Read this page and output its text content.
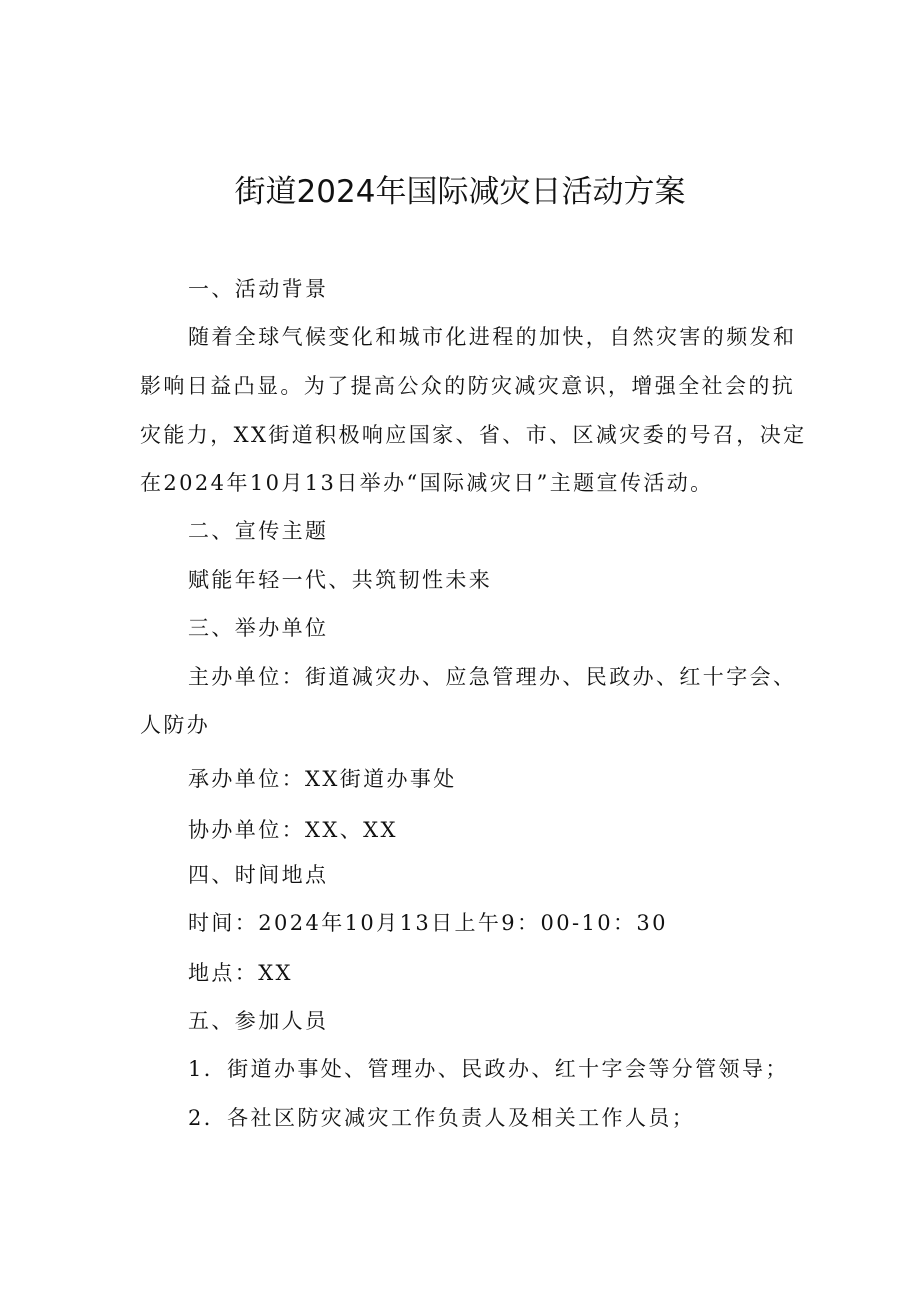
街道2024年国际减灾日活动方案
一、活动背景
随着全球气候变化和城市化进程的加快，自然灾害的频发和
影响日益凸显。为了提高公众的防灾减灾意识，增强全社会的抗
灾能力，XX街道积极响应国家、省、市、区减灾委的号召，决定
在2024年10月13日举办“国际减灾日”主题宣传活动。
二、宣传主题
赋能年轻一代、共筑韧性未来
三、举办单位
主办单位：街道减灾办、应急管理办、民政办、红十字会、
人防办
承办单位：XX街道办事处
协办单位：XX、XX
四、时间地点
时间：2024年10月13日上午9：00-10：30
地点：XX
五、参加人员
1．街道办事处、管理办、民政办、红十字会等分管领导；
2．各社区防灾减灾工作负责人及相关工作人员；
